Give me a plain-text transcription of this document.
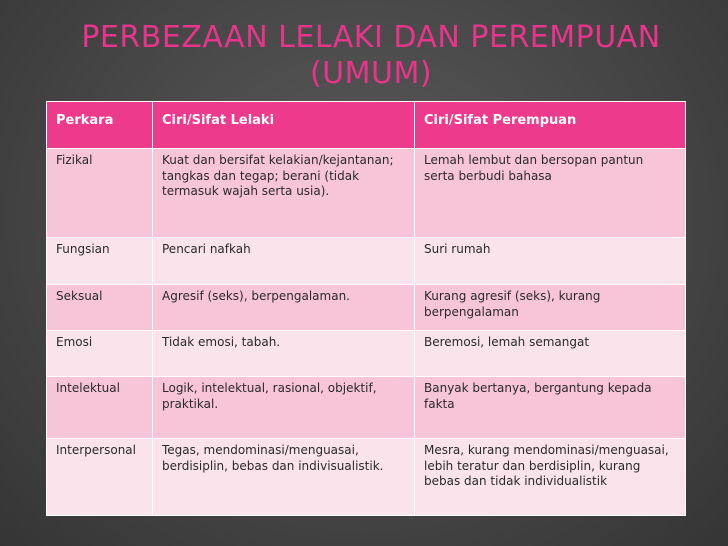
PERBEZAAN LELAKI DAN PEREMPUAN (UMUM)
Perkara	Ciri/Sifat Lelaki	Ciri/Sifat Perempuan
Fizikal	Kuat dan bersifat kelakian/kejantanan; tangkas dan tegap; berani (tidak termasuk wajah serta usia).	Lemah lembut dan bersopan pantun serta berbudi bahasa
Fungsian	Pencari nafkah	Suri rumah
Seksual	Agresif (seks), berpengalaman.	Kurang agresif (seks), kurang berpengalaman
Emosi	Tidak emosi, tabah.	Beremosi, lemah semangat
Intelektual	Logik, intelektual, rasional, objektif, praktikal.	Banyak bertanya, bergantung kepada fakta
Interpersonal	Tegas, mendominasi/menguasai, berdisiplin, bebas dan indivisualistik.	Mesra, kurang mendominasi/menguasai, lebih teratur dan berdisiplin, kurang bebas dan tidak individualistik
